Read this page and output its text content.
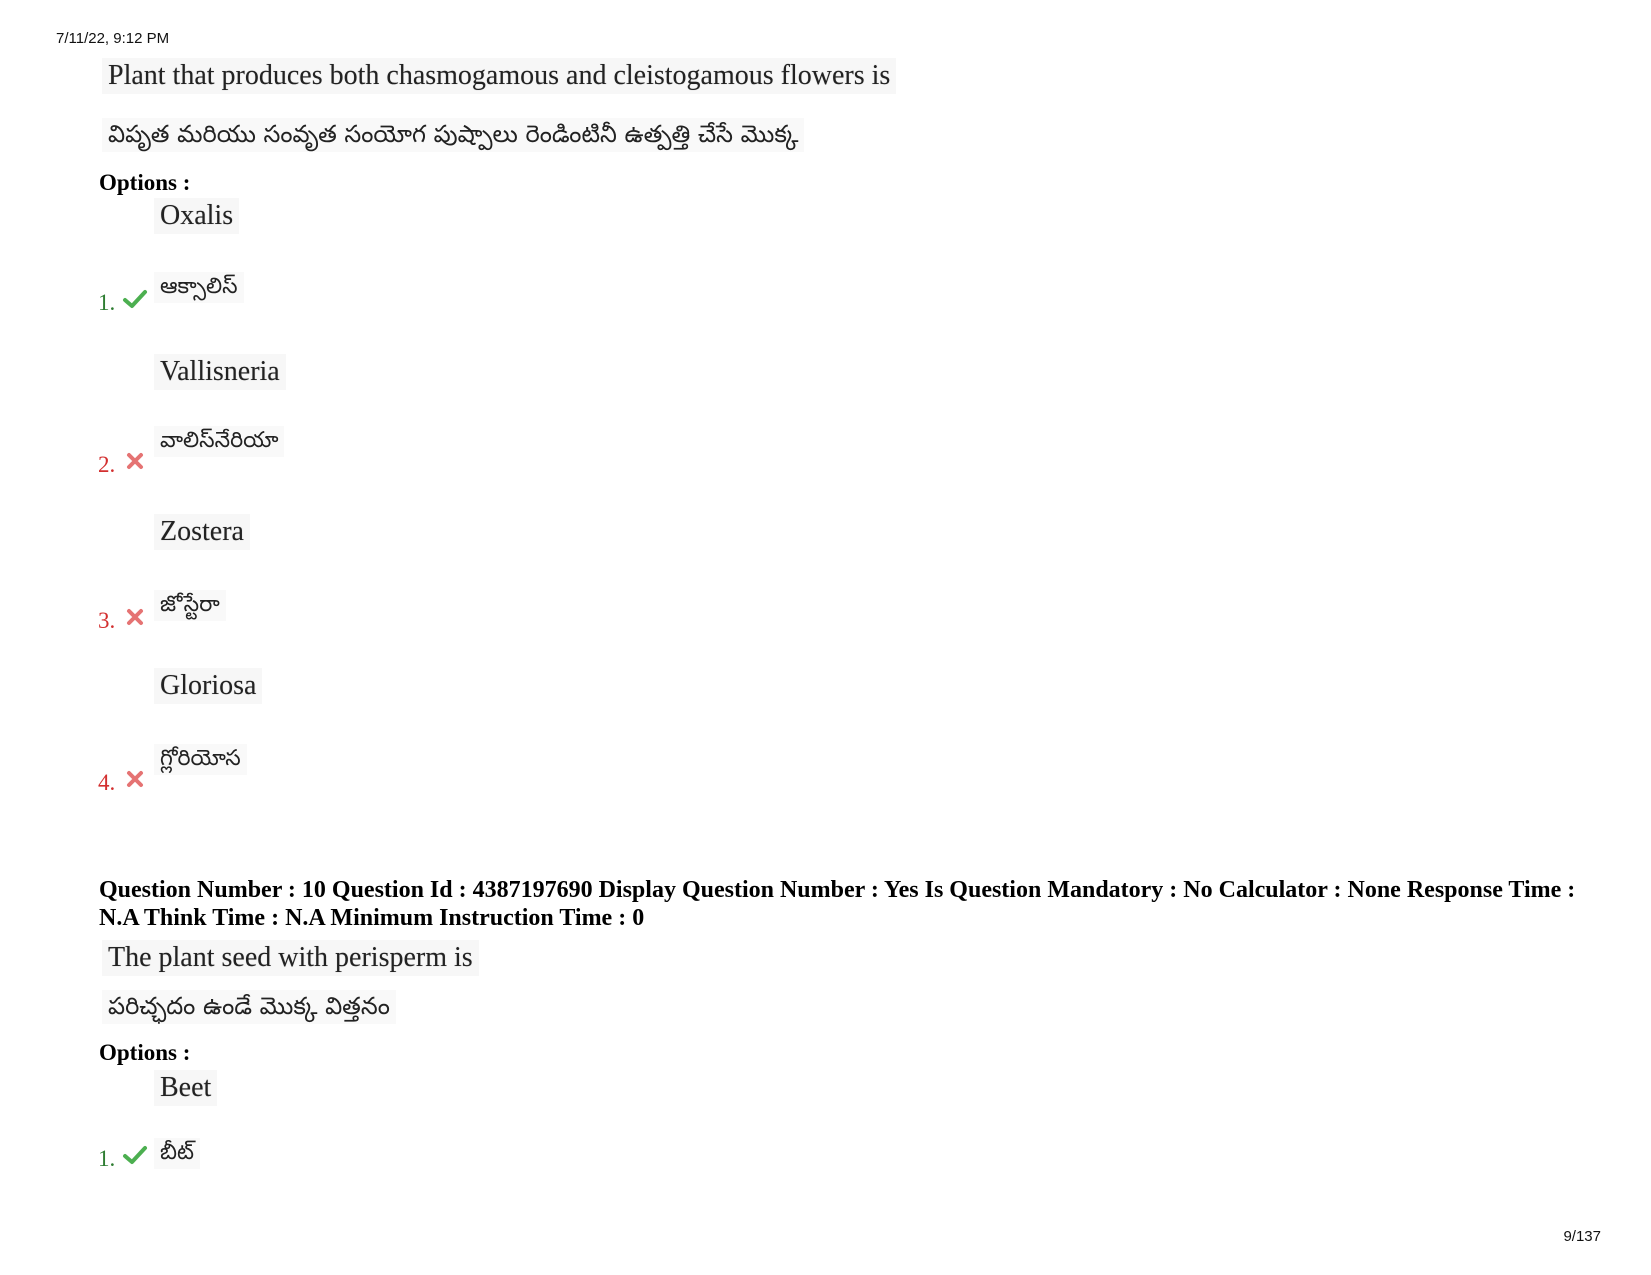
7/11/22, 9:12 PM
Plant that produces both chasmogamous and cleistogamous flowers is
విపృత మరియు సంవృత సంయోగ పుష్పాలు రెండింటినీ ఉత్పత్తి చేసే మొక్క
Options :
Oxalis
ఆక్సాలిస్
1.
Vallisneria
వాలిస్‌నేరియా
2.
Zostera
జోస్టేరా
3.
Gloriosa
గ్లోరియోస
4.
Question Number : 10 Question Id : 4387197690 Display Question Number : Yes Is Question Mandatory : No Calculator : None Response Time : N.A Think Time : N.A Minimum Instruction Time : 0
The plant seed with perisperm is
పరిచ్ఛదం ఉండే మొక్క విత్తనం
Options :
Beet
బీట్
1.
9/137
